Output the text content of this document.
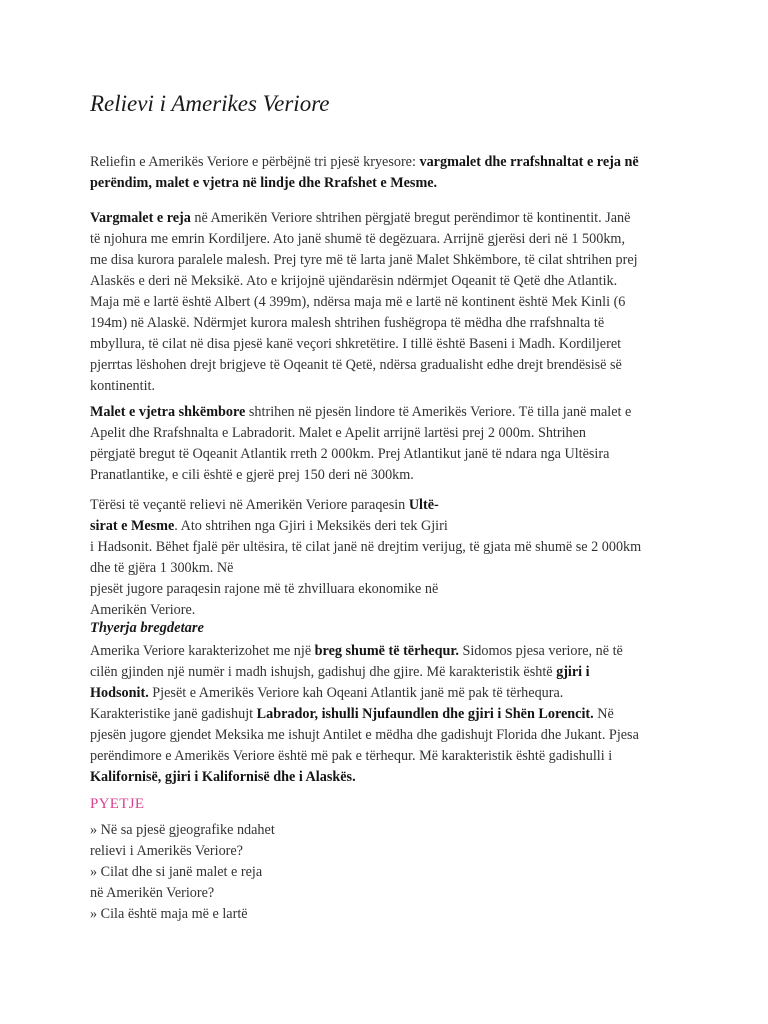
Relievi i Amerikes Veriore
Reliefin e Amerikës Veriore e përbëjnë tri pjesë kryesore: vargmalet dhe rrafshnaltat e reja në
perëndim, malet e vjetra në lindje dhe Rrafshet e Mesme.
Vargmalet e reja në Amerikën Veriore shtrihen përgjatë bregut perëndimor të kontinentit. Janë
të njohura me emrin Kordiljere. Ato janë shumë të degëzuara. Arrijnë gjerësi deri në 1 500km,
me disa kurora paralele malesh. Prej tyre më të larta janë Malet Shkëmbore, të cilat shtrihen prej
Alaskës e deri në Meksikë. Ato e krijojnë ujëndarësin ndërmjet Oqeanit të Qetë dhe Atlantik.
Maja më e lartë është Albert (4 399m), ndërsa maja më e lartë në kontinent është Mek Kinli (6
194m) në Alaskë. Ndërmjet kurora malesh shtrihen fushëgropa të mëdha dhe rrafshnalta të
mbyllura, të cilat në disa pjesë kanë veçori shkretëtire. I tillë është Baseni i Madh. Kordiljeret
pjerrtas lëshohen drejt brigjeve të Oqeanit të Qetë, ndërsa gradualisht edhe drejt brendësisë së
kontinentit.
Malet e vjetra shkëmbore shtrihen në pjesën lindore të Amerikës Veriore. Të tilla janë malet e
Apelit dhe Rrafshnalta e Labradorit. Malet e Apelit arrijnë lartësi prej 2 000m. Shtrihen
përgjatë bregut të Oqeanit Atlantik rreth 2 000km. Prej Atlantikut janë të ndara nga Ultësira
Pranatlantike, e cili është e gjerë prej 150 deri në 300km.
Tërësi të veçantë relievi në Amerikën Veriore paraqesin Ultë-
sirat e Mesme. Ato shtrihen nga Gjiri i Meksikës deri tek Gjiri
i Hadsonit. Bëhet fjalë për ultësira, të cilat janë në drejtim verijug, të gjata më shumë se 2 000km
dhe të gjëra 1 300km. Në
pjesët jugore paraqesin rajone më të zhvilluara ekonomike në
Amerikën Veriore.
Thyerja bregdetare
Amerika Veriore karakterizohet me një breg shumë të tërhequr. Sidomos pjesa veriore, në të
cilën gjinden një numër i madh ishujsh, gadishuj dhe gjire. Më karakteristik është gjiri i
Hodsonit. Pjesët e Amerikës Veriore kah Oqeani Atlantik janë më pak të tërhequra.
Karakteristike janë gadishujt Labrador, ishulli Njufaundlen dhe gjiri i Shën Lorencit. Në
pjesën jugore gjendet Meksika me ishujt Antilet e mëdha dhe gadishujt Florida dhe Jukant. Pjesa
perëndimore e Amerikës Veriore është më pak e tërhequr. Më karakteristik është gadishulli i
Kalifornisë, gjiri i Kalifornisë dhe i Alaskës.
PYETJE
» Në sa pjesë gjeografike ndahet
relievi i Amerikës Veriore?
» Cilat dhe si janë malet e reja
në Amerikën Veriore?
» Cila është maja më e lartë
